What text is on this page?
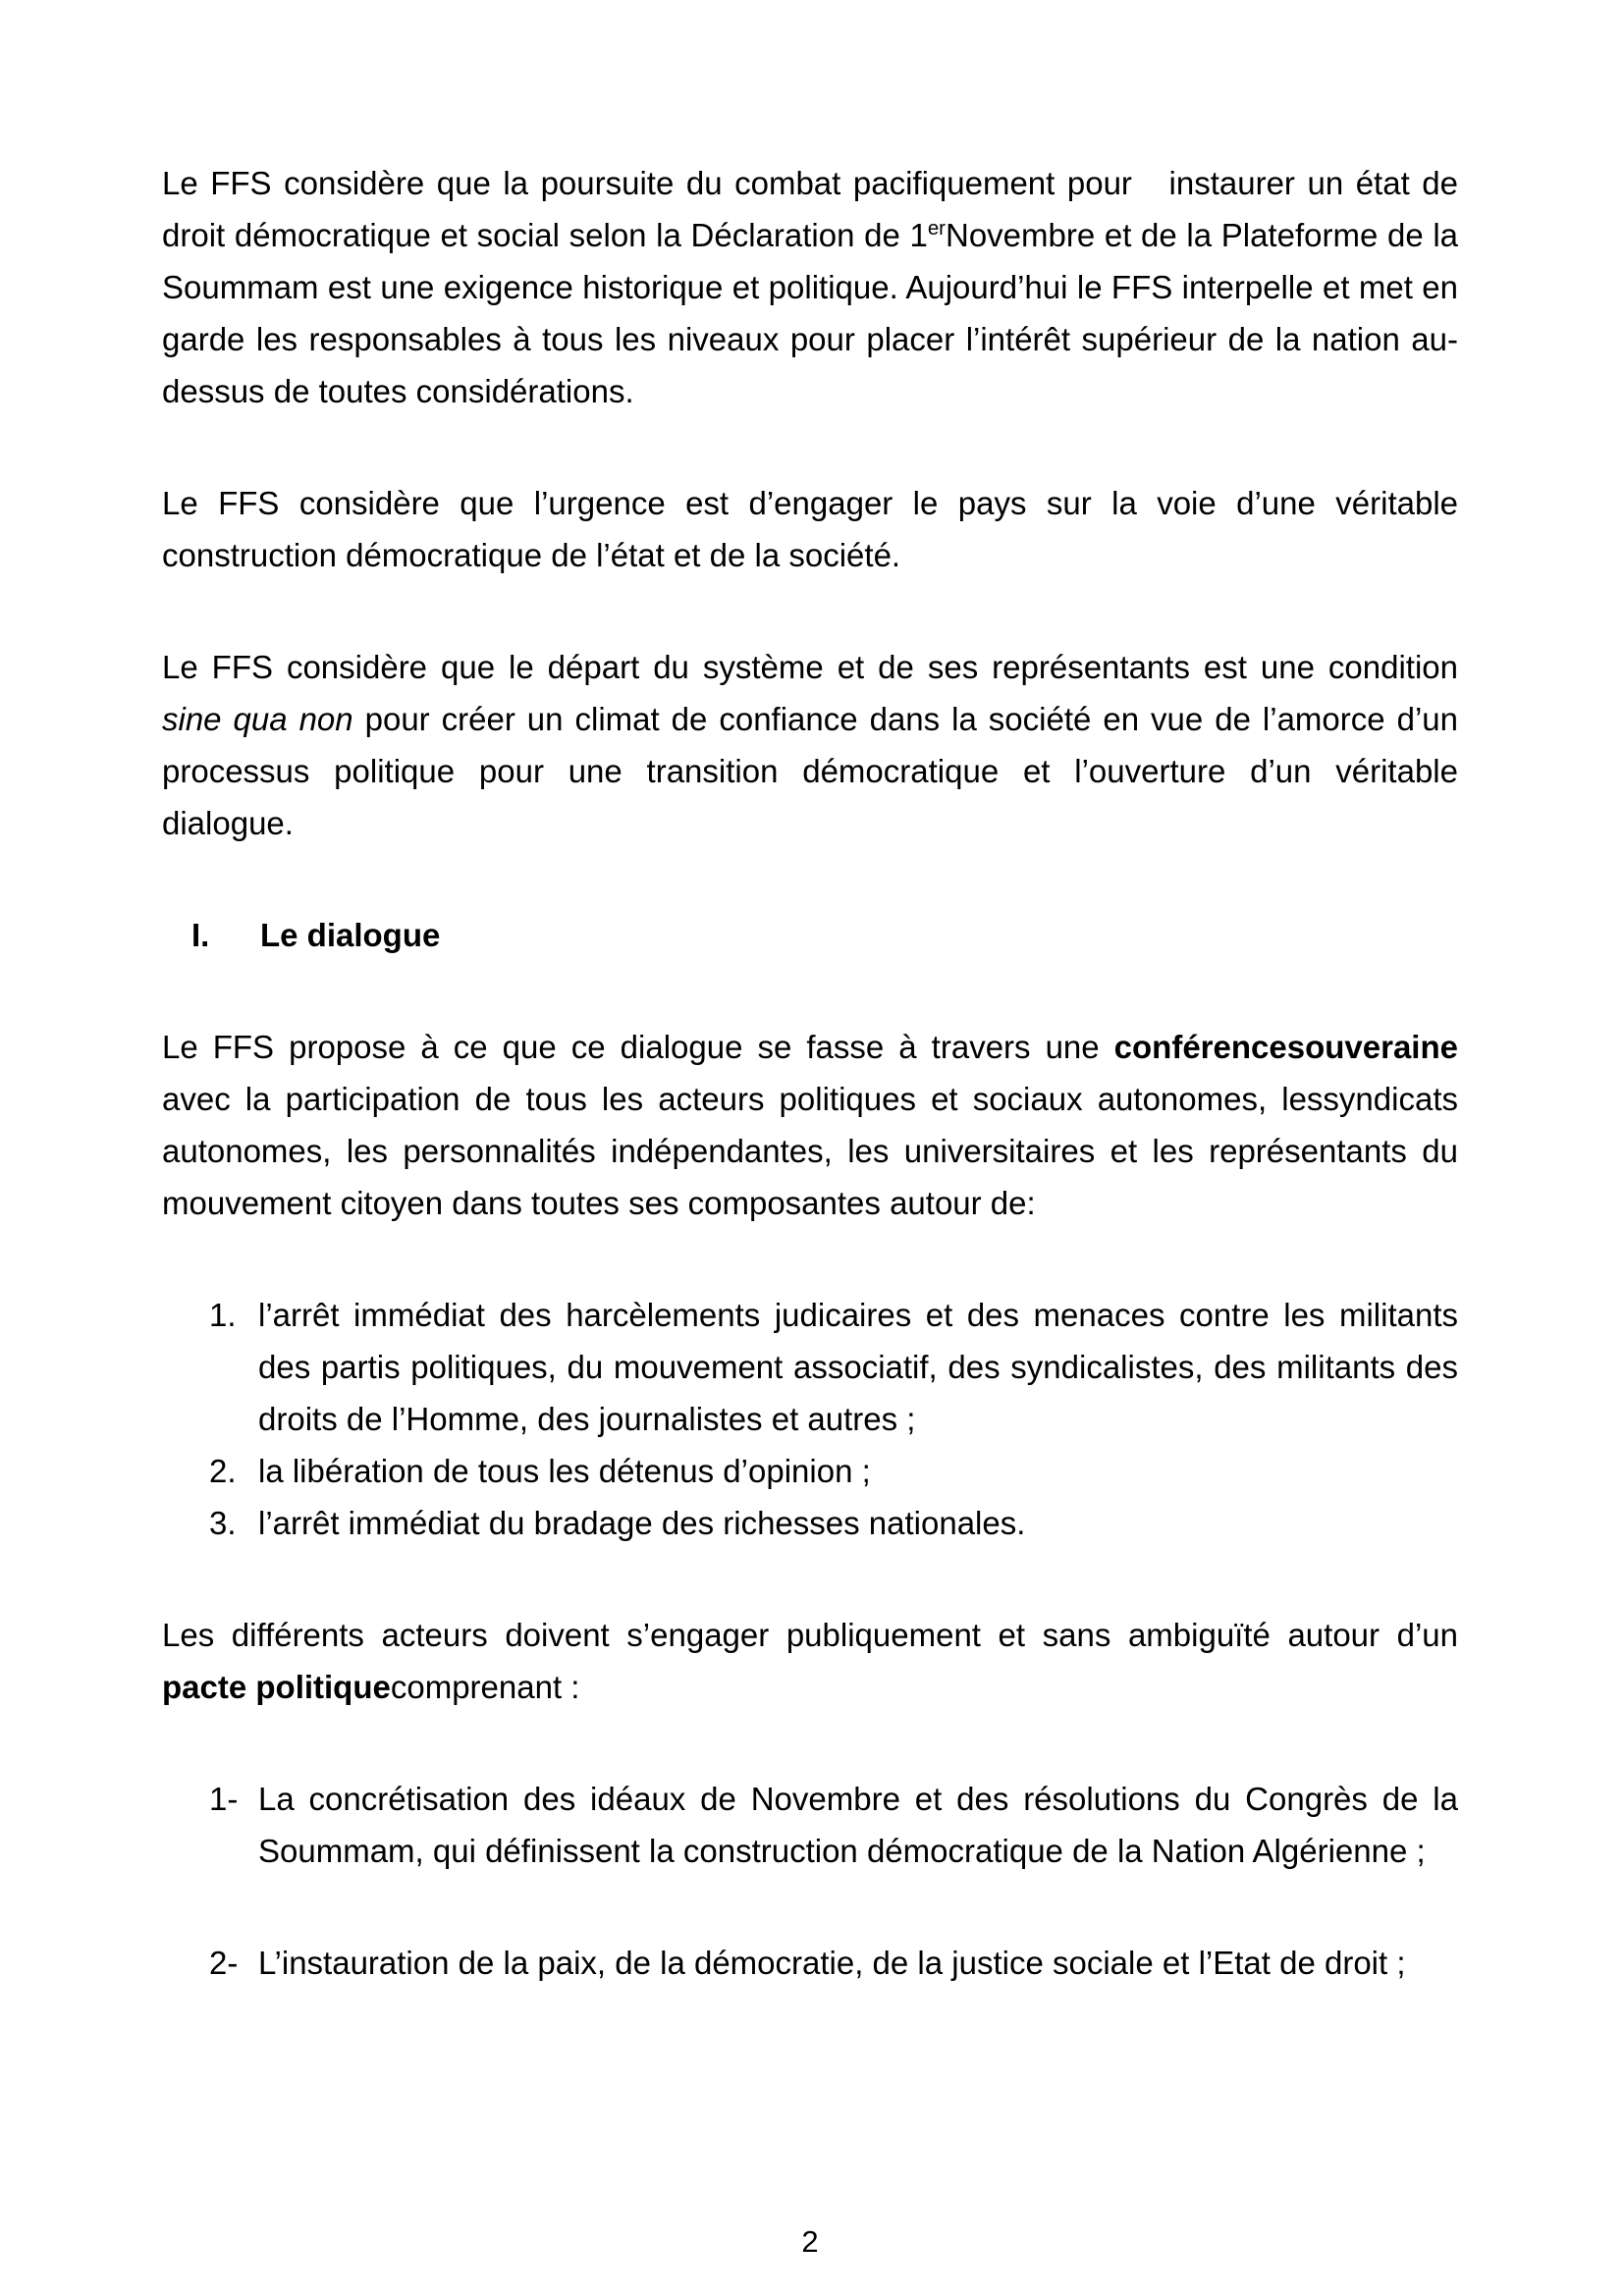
Le FFS considère que la poursuite du combat pacifiquement pour   instaurer un état de droit démocratique et social selon la Déclaration de 1erNovembre et de la Plateforme de la Soummam est une exigence historique et politique. Aujourd’hui le FFS interpelle et met en garde les responsables à tous les niveaux pour placer l’intérêt supérieur de la nation au-dessus de toutes considérations.

Le FFS considère que l’urgence est d’engager le pays sur la voie d’une véritable construction démocratique de l’état et de la société.

Le FFS considère que le départ du système et de ses représentants est une condition sine qua non pour créer un climat de confiance dans la société en vue de l’amorce d’un processus politique pour une transition démocratique et l’ouverture d’un véritable dialogue.

I.	Le dialogue

Le FFS propose à ce que ce dialogue se fasse à travers une conférencesouveraine avec la participation de tous les acteurs politiques et sociaux autonomes, lessyndicats autonomes, les personnalités indépendantes, les universitaires et les représentants du mouvement citoyen dans toutes ses composantes autour de:

1. l’arrêt immédiat des harcèlements judicaires et des menaces contre les militants des partis politiques, du mouvement associatif, des syndicalistes, des militants des droits de l’Homme, des journalistes et autres ;
2. la libération de tous les détenus d’opinion ;
3. l’arrêt immédiat du bradage des richesses nationales.

Les différents acteurs doivent s’engager publiquement et sans ambiguïté autour d’un pacte politiquecomprenant :

1- La concrétisation des idéaux de Novembre et des résolutions du Congrès de la Soummam, qui définissent la construction démocratique de la Nation Algérienne ;
2- L’instauration de la paix, de la démocratie, de la justice sociale et l’Etat de droit ;
2
